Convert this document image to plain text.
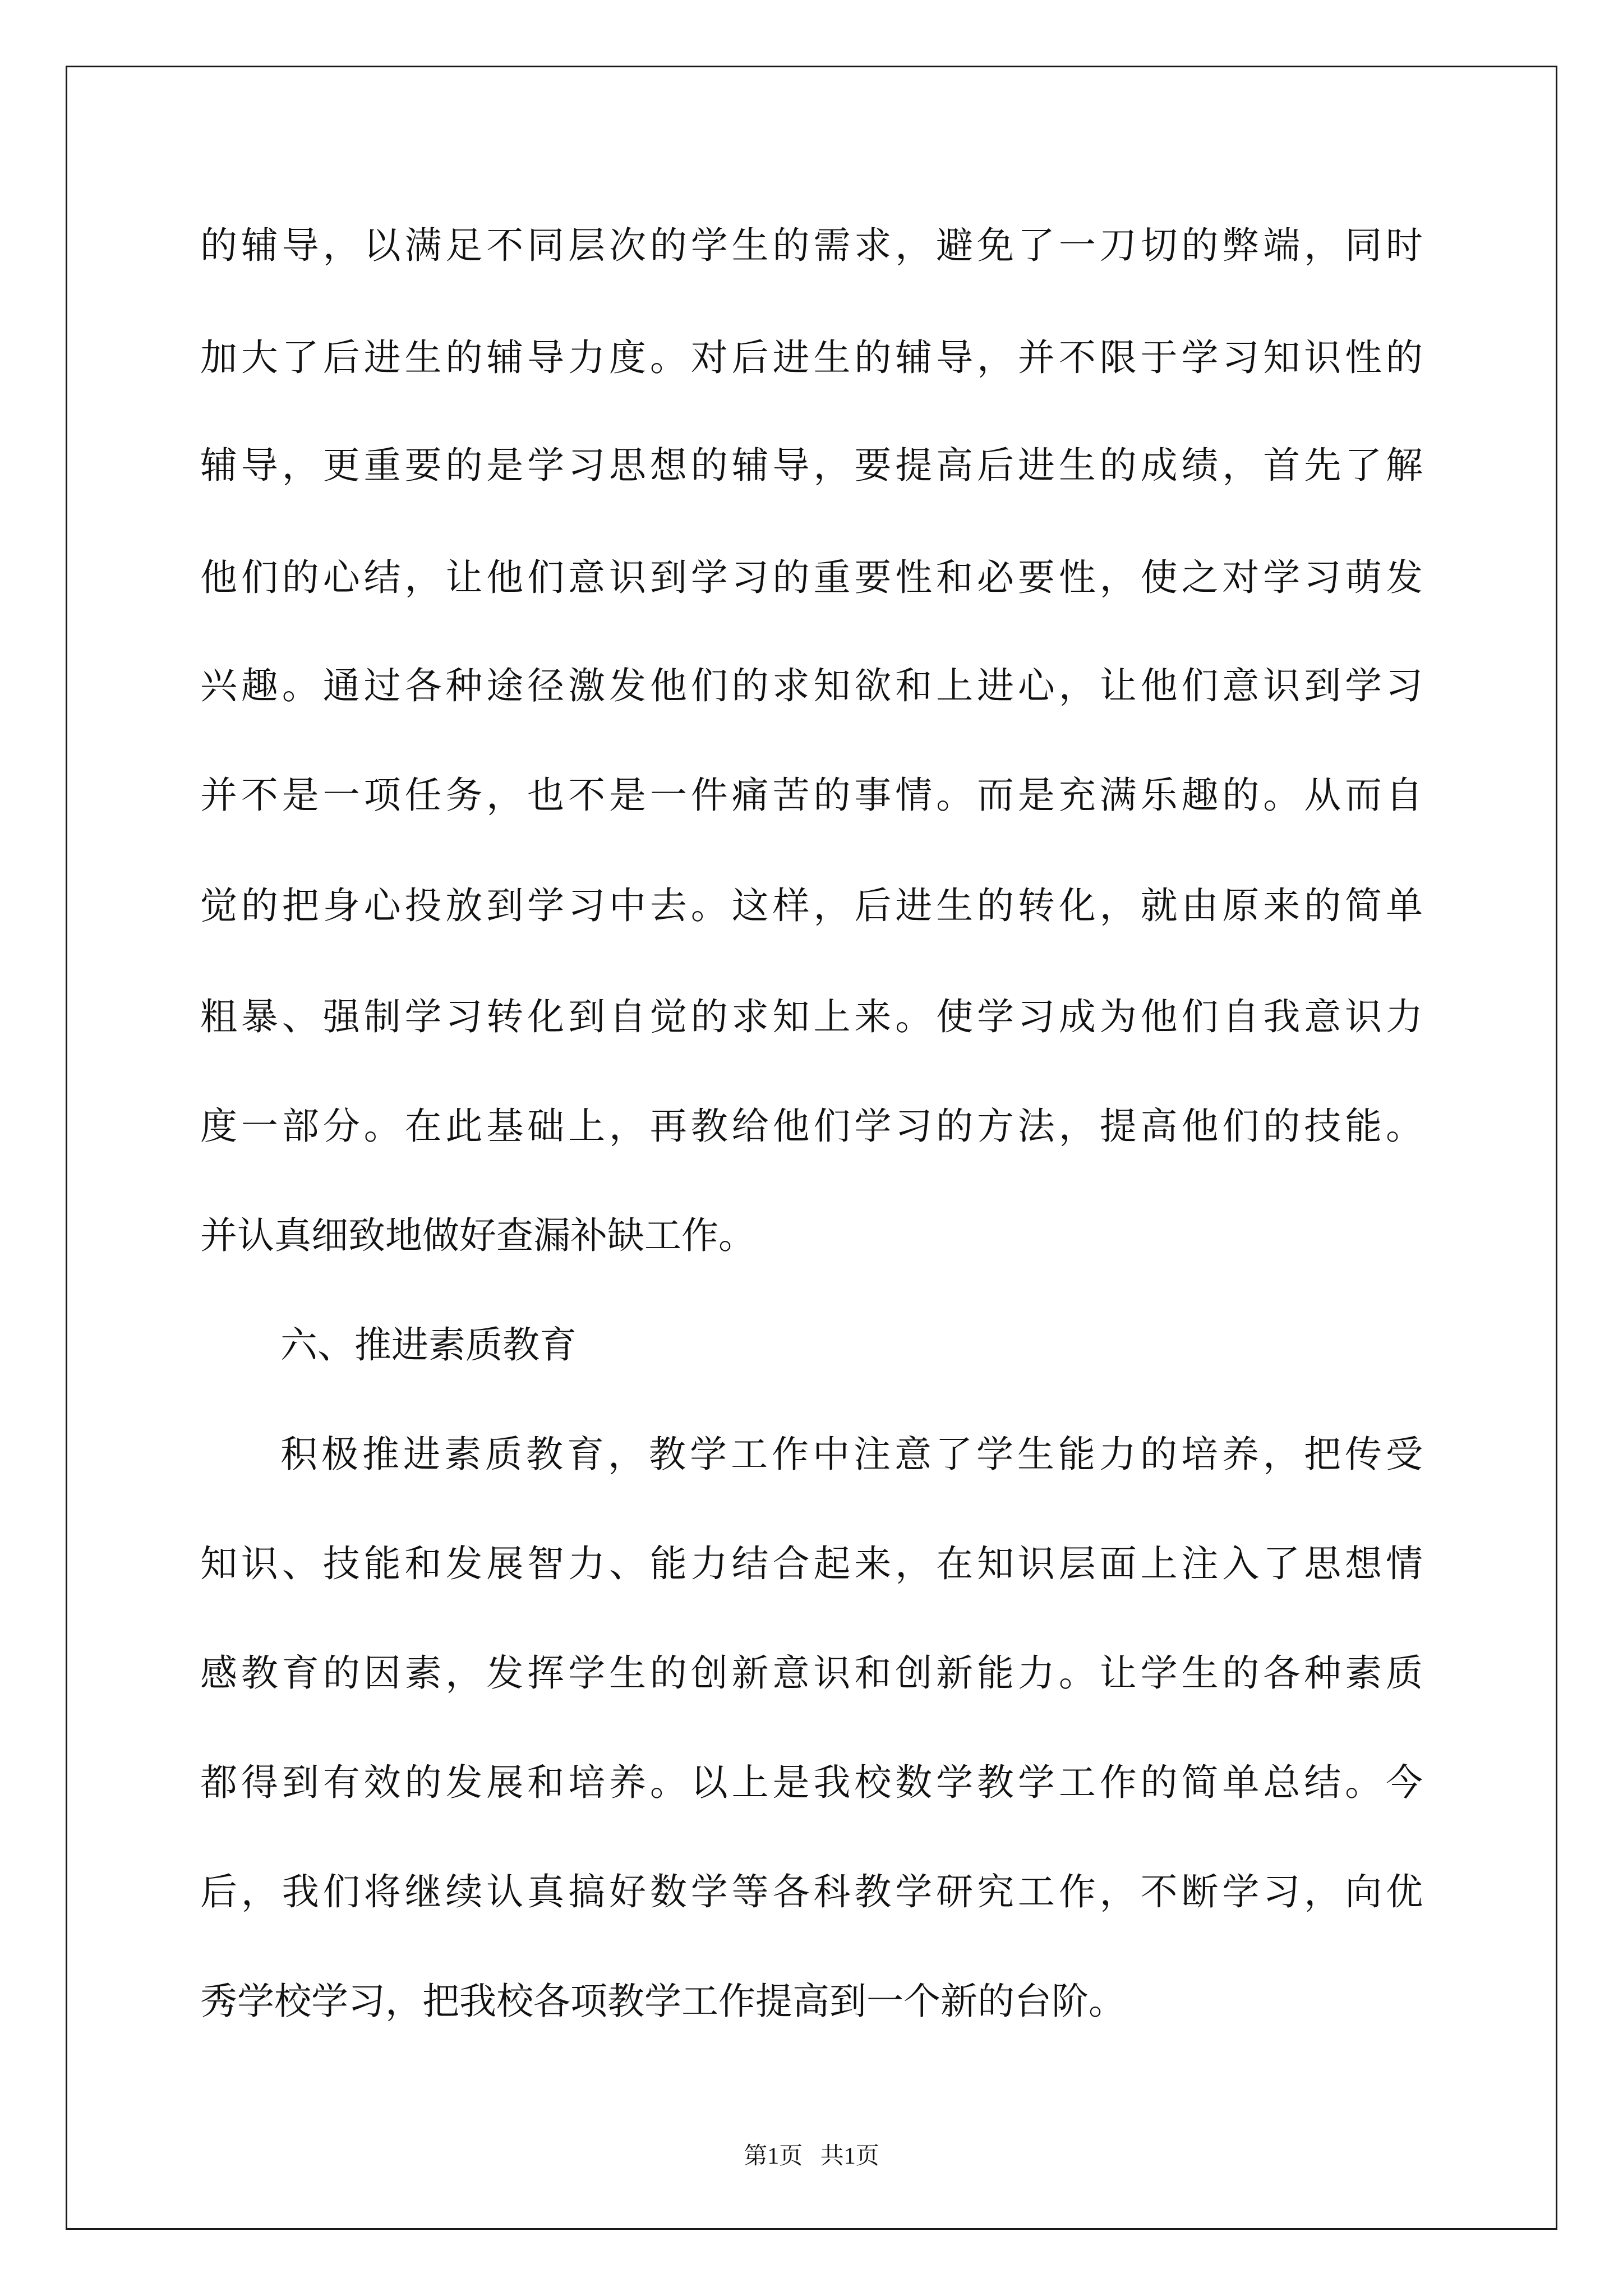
的辅导，以满足不同层次的学生的需求，避免了一刀切的弊端，同时
加大了后进生的辅导力度。对后进生的辅导，并不限于学习知识性的
辅导，更重要的是学习思想的辅导，要提高后进生的成绩，首先了解
他们的心结，让他们意识到学习的重要性和必要性，使之对学习萌发
兴趣。通过各种途径激发他们的求知欲和上进心，让他们意识到学习
并不是一项任务，也不是一件痛苦的事情。而是充满乐趣的。从而自
觉的把身心投放到学习中去。这样，后进生的转化，就由原来的简单
粗暴、强制学习转化到自觉的求知上来。使学习成为他们自我意识力
度一部分。在此基础上，再教给他们学习的方法，提高他们的技能。
并认真细致地做好查漏补缺工作。
六、推进素质教育
积极推进素质教育，教学工作中注意了学生能力的培养，把传受
知识、技能和发展智力、能力结合起来，在知识层面上注入了思想情
感教育的因素，发挥学生的创新意识和创新能力。让学生的各种素质
都得到有效的发展和培养。以上是我校数学教学工作的简单总结。今
后，我们将继续认真搞好数学等各科教学研究工作，不断学习，向优
秀学校学习，把我校各项教学工作提高到一个新的台阶。
第1页   共1页
